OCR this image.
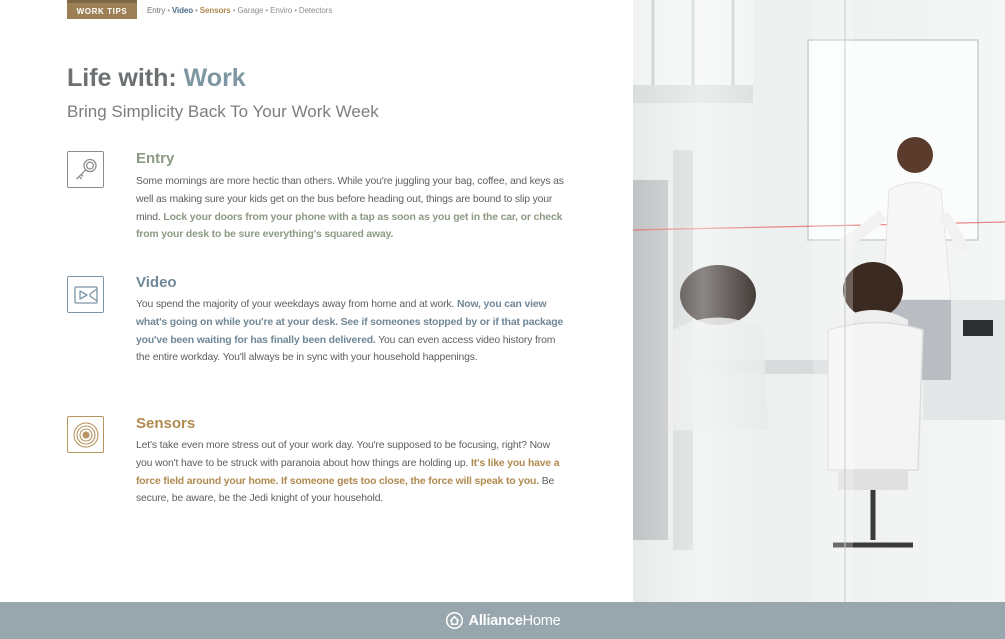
WORK TIPS	Entry • Video • Sensors • Garage • Enviro • Detectors
Life with: Work
Bring Simplicity Back To Your Work Week
Entry

Some mornings are more hectic than others. While you're juggling your bag, coffee, and keys as well as making sure your kids get on the bus before heading out, things are bound to slip your mind. Lock your doors from your phone with a tap as soon as you get in the car, or check from your desk to be sure everything's squared away.

Video

You spend the majority of your weekdays away from home and at work. Now, you can view what's going on while you're at your desk. See if someones stopped by or if that package you've been waiting for has finally been delivered. You can even access video history from the entire workday. You'll always be in sync with your household happenings.

Sensors

Let's take even more stress out of your work day. You're supposed to be focusing, right? Now you won't have to be struck with paranoia about how things are holding up. It's like you have a force field around your home. If someone gets too close, the force will speak to you. Be secure, be aware, be the Jedi knight of your household.

AllianceHome
